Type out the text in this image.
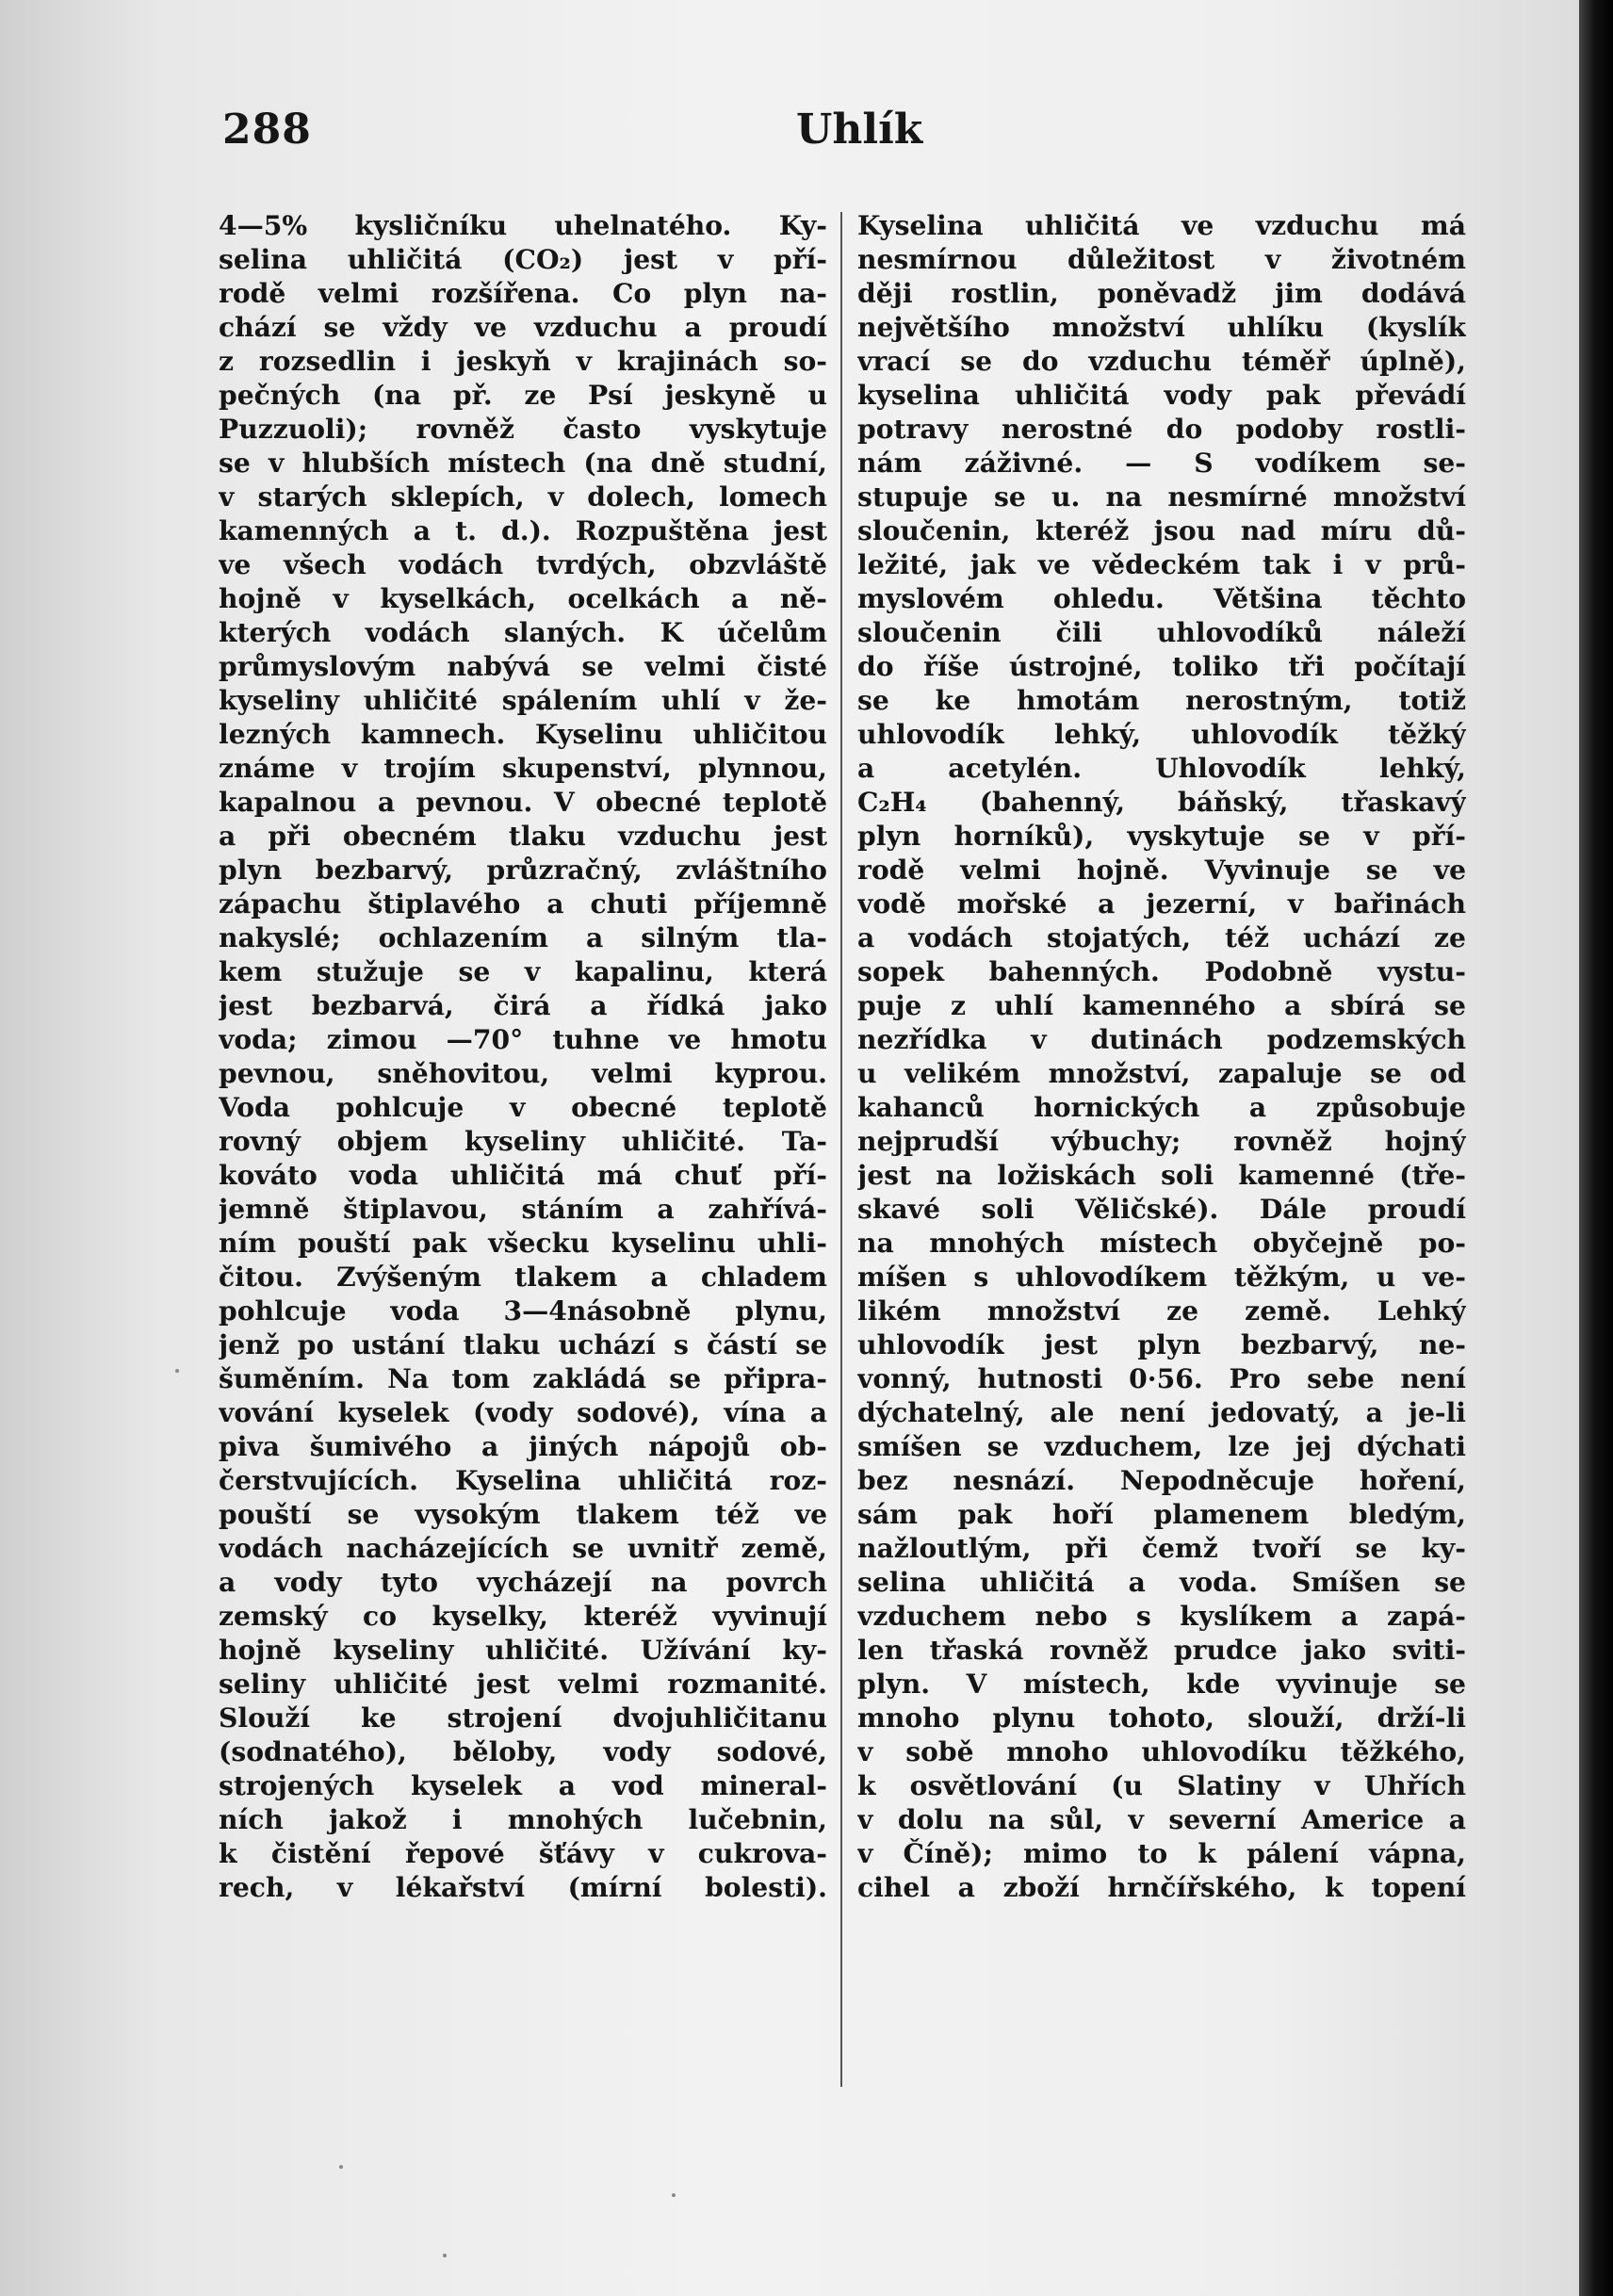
288	Uhlík
4—5% kysličníku uhelnatého. Ky-
selina uhličitá (CO₂) jest v pří-
rodě velmi rozšířena. Co plyn na-
chází se vždy ve vzduchu a proudí
z rozsedlin i jeskyň v krajinách so-
pečných (na př. ze Psí jeskyně u
Puzzuoli); rovněž často vyskytuje
se v hlubších místech (na dně studní,
v starých sklepích, v dolech, lomech
kamenných a t. d.). Rozpuštěna jest
ve všech vodách tvrdých, obzvláště
hojně v kyselkách, ocelkách a ně-
kterých vodách slaných. K účelům
průmyslovým nabývá se velmi čisté
kyseliny uhličité spálením uhlí v že-
lezných kamnech. Kyselinu uhličitou
známe v trojím skupenství, plynnou,
kapalnou a pevnou. V obecné teplotě
a při obecném tlaku vzduchu jest
plyn bezbarvý, průzračný, zvláštního
zápachu štiplavého a chuti příjemně
nakyslé; ochlazením a silným tla-
kem stužuje se v kapalinu, která
jest bezbarvá, čirá a řídká jako
voda; zimou —70° tuhne ve hmotu
pevnou, sněhovitou, velmi kyprou.
Voda pohlcuje v obecné teplotě
rovný objem kyseliny uhličité. Ta-
kováto voda uhličitá má chuť pří-
jemně štiplavou, stáním a zahřívá-
ním pouští pak všecku kyselinu uhli-
čitou. Zvýšeným tlakem a chladem
pohlcuje voda 3—4násobně plynu,
jenž po ustání tlaku uchází s částí se
šuměním. Na tom zakládá se připra-
vování kyselek (vody sodové), vína a
piva šumivého a jiných nápojů ob-
čerstvujících. Kyselina uhličitá roz-
pouští se vysokým tlakem též ve
vodách nacházejících se uvnitř země,
a vody tyto vycházejí na povrch
zemský co kyselky, kteréž vyvinují
hojně kyseliny uhličité. Užívání ky-
seliny uhličité jest velmi rozmanité.
Slouží ke strojení dvojuhličitanu
(sodnatého), běloby, vody sodové,
strojených kyselek a vod mineral-
ních jakož i mnohých lučebnin,
k čistění řepové šťávy v cukrova-
rech, v lékařství (mírní bolesti).
Kyselina uhličitá ve vzduchu má
nesmírnou důležitost v životném
ději rostlin, poněvadž jim dodává
největšího množství uhlíku (kyslík
vrací se do vzduchu téměř úplně),
kyselina uhličitá vody pak převádí
potravy nerostné do podoby rostli-
nám záživné. — S vodíkem se-
stupuje se u. na nesmírné množství
sloučenin, kteréž jsou nad míru dů-
ležité, jak ve vědeckém tak i v prů-
myslovém ohledu. Většina těchto
sloučenin čili uhlovodíků náleží
do říše ústrojné, toliko tři počítají
se ke hmotám nerostným, totiž
uhlovodík lehký, uhlovodík těžký
a acetylén. Uhlovodík lehký,
C₂H₄ (bahenný, báňský, třaskavý
plyn horníků), vyskytuje se v pří-
rodě velmi hojně. Vyvinuje se ve
vodě mořské a jezerní, v bařinách
a vodách stojatých, též uchází ze
sopek bahenných. Podobně vystu-
puje z uhlí kamenného a sbírá se
nezřídka v dutinách podzemských
u velikém množství, zapaluje se od
kahanců hornických a způsobuje
nejprudší výbuchy; rovněž hojný
jest na ložiskách soli kamenné (tře-
skavé soli Věličské). Dále proudí
na mnohých místech obyčejně po-
míšen s uhlovodíkem těžkým, u ve-
likém množství ze země. Lehký
uhlovodík jest plyn bezbarvý, ne-
vonný, hutnosti 0·56. Pro sebe není
dýchatelný, ale není jedovatý, a je-li
smíšen se vzduchem, lze jej dýchati
bez nesnází. Nepodněcuje hoření,
sám pak hoří plamenem bledým,
nažloutlým, při čemž tvoří se ky-
selina uhličitá a voda. Smíšen se
vzduchem nebo s kyslíkem a zapá-
len třaská rovněž prudce jako sviti-
plyn. V místech, kde vyvinuje se
mnoho plynu tohoto, slouží, drží-li
v sobě mnoho uhlovodíku těžkého,
k osvětlování (u Slatiny v Uhřích
v dolu na sůl, v severní Americe a
v Číně); mimo to k pálení vápna,
cihel a zboží hrnčířského, k topení
